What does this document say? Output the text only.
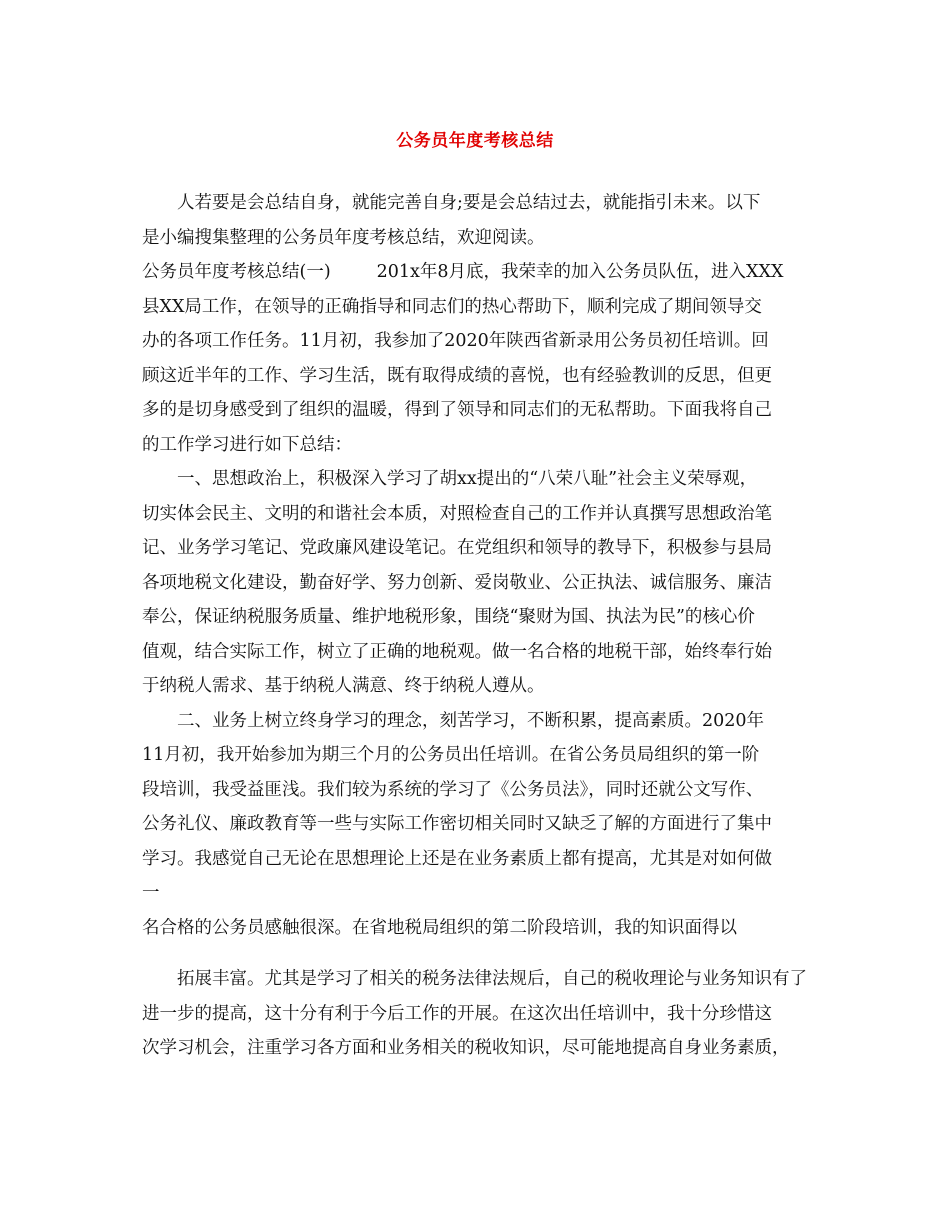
公务员年度考核总结
人若要是会总结自身，就能完善自身;要是会总结过去，就能指引未来。以下
是小编搜集整理的公务员年度考核总结，欢迎阅读。
公务员年度考核总结(一)	201x年8月底，我荣幸的加入公务员队伍，进入XXX
县XX局工作，在领导的正确指导和同志们的热心帮助下，顺利完成了期间领导交
办的各项工作任务。11月初，我参加了2020年陕西省新录用公务员初任培训。回
顾这近半年的工作、学习生活，既有取得成绩的喜悦，也有经验教训的反思，但更
多的是切身感受到了组织的温暖，得到了领导和同志们的无私帮助。下面我将自己
的工作学习进行如下总结：
一、思想政治上，积极深入学习了胡xx提出的“八荣八耻”社会主义荣辱观，
切实体会民主、文明的和谐社会本质，对照检查自己的工作并认真撰写思想政治笔
记、业务学习笔记、党政廉风建设笔记。在党组织和领导的教导下，积极参与县局
各项地税文化建设，勤奋好学、努力创新、爱岗敬业、公正执法、诚信服务、廉洁
奉公，保证纳税服务质量、维护地税形象，围绕“聚财为国、执法为民”的核心价
值观，结合实际工作，树立了正确的地税观。做一名合格的地税干部，始终奉行始
于纳税人需求、基于纳税人满意、终于纳税人遵从。
二、业务上树立终身学习的理念，刻苦学习，不断积累，提高素质。2020年
11月初，我开始参加为期三个月的公务员出任培训。在省公务员局组织的第一阶
段培训，我受益匪浅。我们较为系统的学习了《公务员法》，同时还就公文写作、
公务礼仪、廉政教育等一些与实际工作密切相关同时又缺乏了解的方面进行了集中
学习。我感觉自己无论在思想理论上还是在业务素质上都有提高，尤其是对如何做
一
名合格的公务员感触很深。在省地税局组织的第二阶段培训，我的知识面得以
拓展丰富。尤其是学习了相关的税务法律法规后，自己的税收理论与业务知识有了
进一步的提高，这十分有利于今后工作的开展。在这次出任培训中，我十分珍惜这
次学习机会，注重学习各方面和业务相关的税收知识，尽可能地提高自身业务素质，
